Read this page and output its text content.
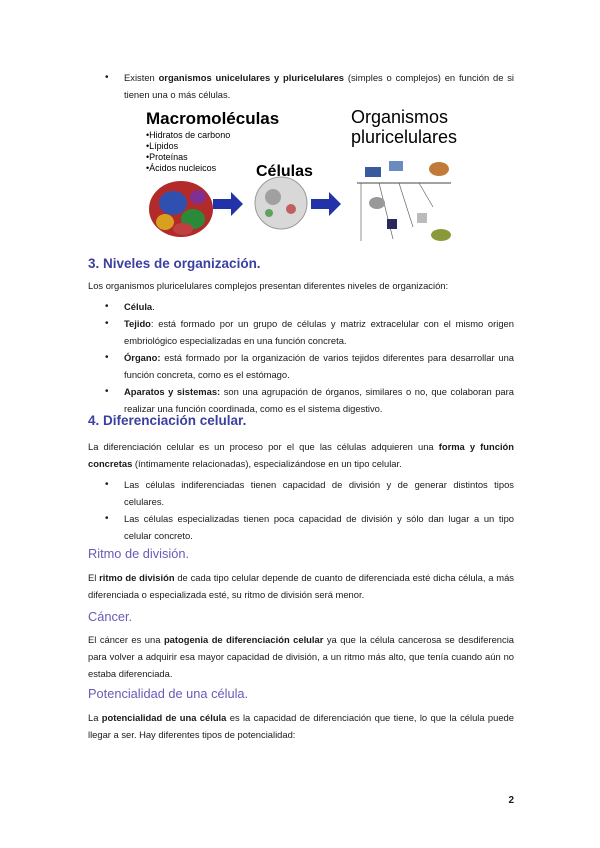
• Existen organismos unicelulares y pluricelulares (simples o complejos) en función de si tienen una o más células.
Macromoléculas
•Hidratos de carbono
•Lípidos
•Proteínas
•Ácidos nucleicos	Células
Organismos
pluricelulares
3. Niveles de organización.
Los organismos pluricelulares complejos presentan diferentes niveles de organización:
• Célula.
• Tejido: está formado por un grupo de células y matriz extracelular con el mismo origen embriológico especializadas en una función concreta.
• Órgano: está formado por la organización de varios tejidos diferentes para desarrollar una función concreta, como es el estómago.
• Aparatos y sistemas: son una agrupación de órganos, similares o no, que colaboran para realizar una función coordinada, como es el sistema digestivo.
4. Diferenciación celular.
La diferenciación celular es un proceso por el que las células adquieren una forma y función concretas (íntimamente relacionadas), especializándose en un tipo celular.
• Las células indiferenciadas tienen capacidad de división y de generar distintos tipos celulares.
• Las células especializadas tienen poca capacidad de división y sólo dan lugar a un tipo celular concreto.
Ritmo de división.
El ritmo de división de cada tipo celular depende de cuanto de diferenciada esté dicha célula, a más diferenciada o especializada esté, su ritmo de división será menor.
Cáncer.
El cáncer es una patogenia de diferenciación celular ya que la célula cancerosa se desdiferencia para volver a adquirir esa mayor capacidad de división, a un ritmo más alto, que tenía cuando aún no estaba diferenciada.
Potencialidad de una célula.
La potencialidad de una célula es la capacidad de diferenciación que tiene, lo que la célula puede llegar a ser. Hay diferentes tipos de potencialidad:
2
